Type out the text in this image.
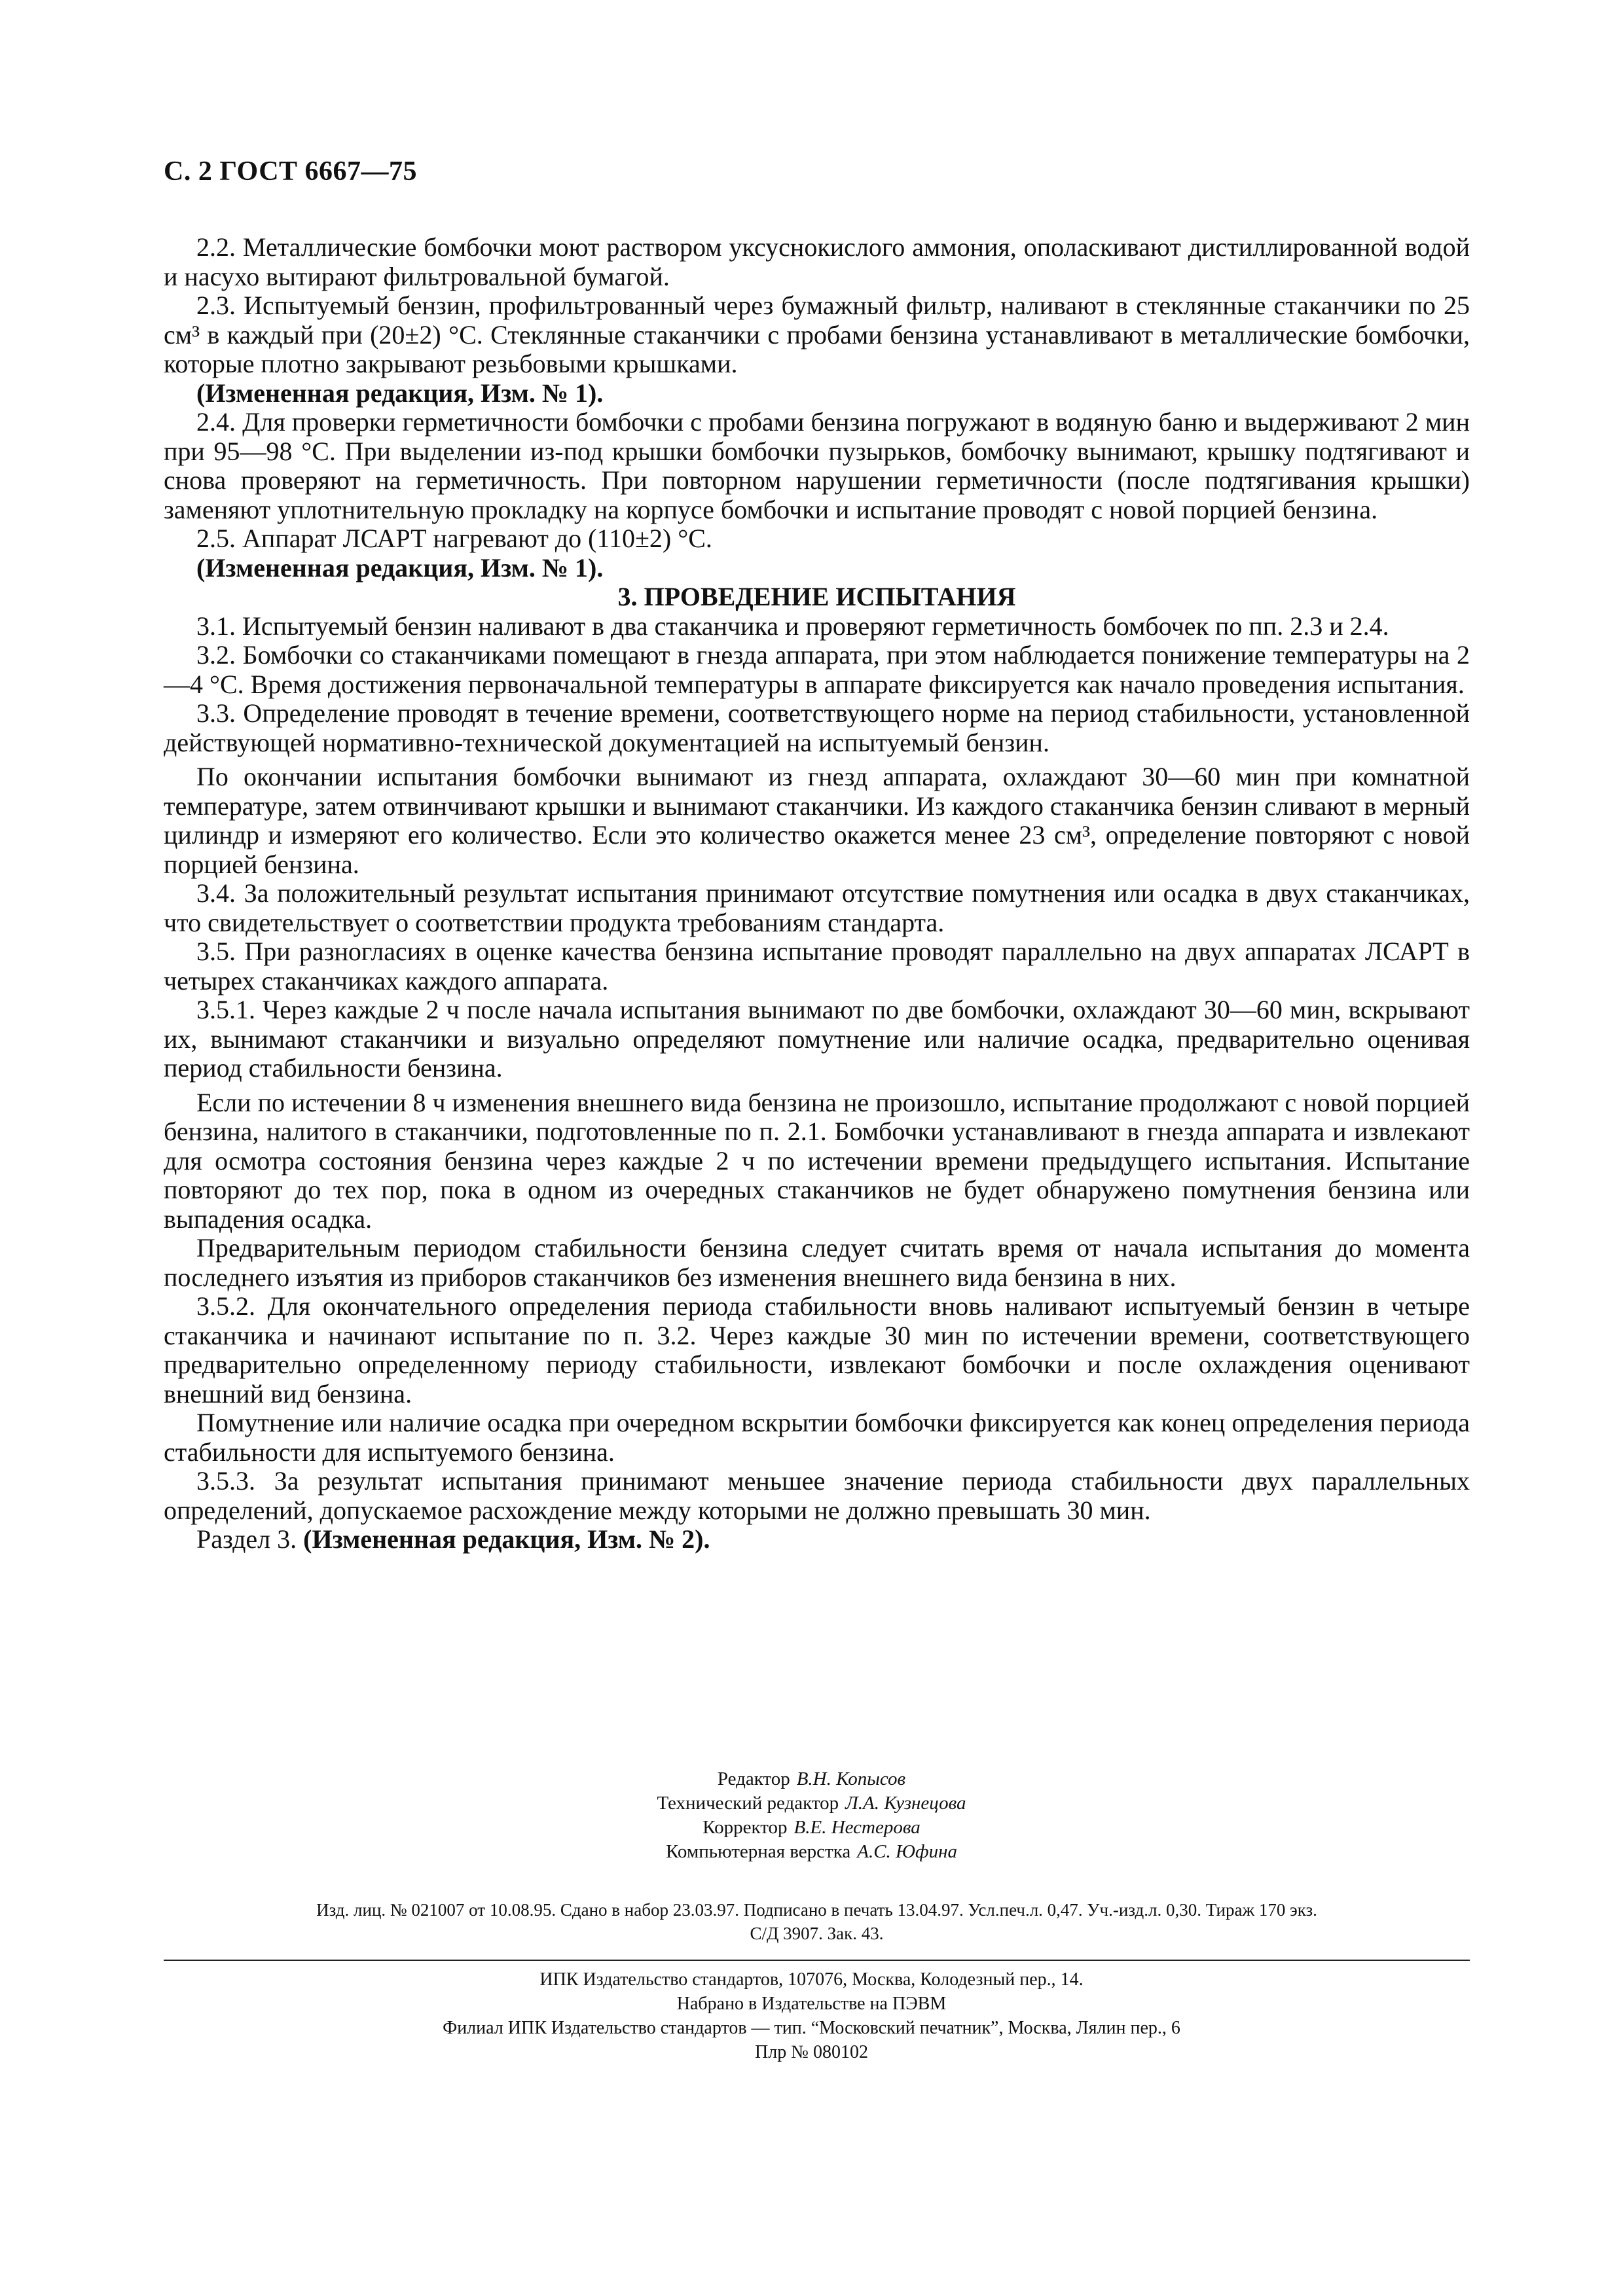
С. 2 ГОСТ 6667—75

2.2. Металлические бомбочки моют раствором уксуснокислого аммония, ополаскивают дистиллированной водой и насухо вытирают фильтровальной бумагой.

2.3. Испытуемый бензин, профильтрованный через бумажный фильтр, наливают в стеклянные стаканчики по 25 см³ в каждый при (20±2) °С. Стеклянные стаканчики с пробами бензина устанавливают в металлические бомбочки, которые плотно закрывают резьбовыми крышками.

(Измененная редакция, Изм. № 1).

2.4. Для проверки герметичности бомбочки с пробами бензина погружают в водяную баню и выдерживают 2 мин при 95—98 °С. При выделении из-под крышки бомбочки пузырьков, бомбочку вынимают, крышку подтягивают и снова проверяют на герметичность. При повторном нарушении герметичности (после подтягивания крышки) заменяют уплотнительную прокладку на корпусе бомбочки и испытание проводят с новой порцией бензина.

2.5. Аппарат ЛСАРТ нагревают до (110±2) °С.

(Измененная редакция, Изм. № 1).

3. ПРОВЕДЕНИЕ ИСПЫТАНИЯ

3.1. Испытуемый бензин наливают в два стаканчика и проверяют герметичность бомбочек по пп. 2.3 и 2.4.

3.2. Бомбочки со стаканчиками помещают в гнезда аппарата, при этом наблюдается понижение температуры на 2—4 °С. Время достижения первоначальной температуры в аппарате фиксируется как начало проведения испытания.

3.3. Определение проводят в течение времени, соответствующего норме на период стабильности, установленной действующей нормативно-технической документацией на испытуемый бензин.

По окончании испытания бомбочки вынимают из гнезд аппарата, охлаждают 30—60 мин при комнатной температуре, затем отвинчивают крышки и вынимают стаканчики. Из каждого стаканчика бензин сливают в мерный цилиндр и измеряют его количество. Если это количество окажется менее 23 см³, определение повторяют с новой порцией бензина.

3.4. За положительный результат испытания принимают отсутствие помутнения или осадка в двух стаканчиках, что свидетельствует о соответствии продукта требованиям стандарта.

3.5. При разногласиях в оценке качества бензина испытание проводят параллельно на двух аппаратах ЛСАРТ в четырех стаканчиках каждого аппарата.

3.5.1. Через каждые 2 ч после начала испытания вынимают по две бомбочки, охлаждают 30—60 мин, вскрывают их, вынимают стаканчики и визуально определяют помутнение или наличие осадка, предварительно оценивая период стабильности бензина.

Если по истечении 8 ч изменения внешнего вида бензина не произошло, испытание продолжают с новой порцией бензина, налитого в стаканчики, подготовленные по п. 2.1. Бомбочки устанавливают в гнезда аппарата и извлекают для осмотра состояния бензина через каждые 2 ч по истечении времени предыдущего испытания. Испытание повторяют до тех пор, пока в одном из очередных стаканчиков не будет обнаружено помутнения бензина или выпадения осадка.

Предварительным периодом стабильности бензина следует считать время от начала испытания до момента последнего изъятия из приборов стаканчиков без изменения внешнего вида бензина в них.

3.5.2. Для окончательного определения периода стабильности вновь наливают испытуемый бензин в четыре стаканчика и начинают испытание по п. 3.2. Через каждые 30 мин по истечении времени, соответствующего предварительно определенному периоду стабильности, извлекают бомбочки и после охлаждения оценивают внешний вид бензина.

Помутнение или наличие осадка при очередном вскрытии бомбочки фиксируется как конец определения периода стабильности для испытуемого бензина.

3.5.3. За результат испытания принимают меньшее значение периода стабильности двух параллельных определений, допускаемое расхождение между которыми не должно превышать 30 мин.

Раздел 3. (Измененная редакция, Изм. № 2).

Редактор В.Н. Копысов
Технический редактор Л.А. Кузнецова
Корректор В.Е. Нестерова
Компьютерная верстка А.С. Юфина
Изд. лиц. № 021007 от 10.08.95. Сдано в набор 23.03.97. Подписано в печать 13.04.97. Усл.печ.л. 0,47. Уч.-изд.л. 0,30. Тираж 170 экз.
С/Д 3907. Зак. 43.
ИПК Издательство стандартов, 107076, Москва, Колодезный пер., 14.
Набрано в Издательстве на ПЭВМ
Филиал ИПК Издательство стандартов — тип. “Московский печатник”, Москва, Лялин пер., 6
Плр № 080102
